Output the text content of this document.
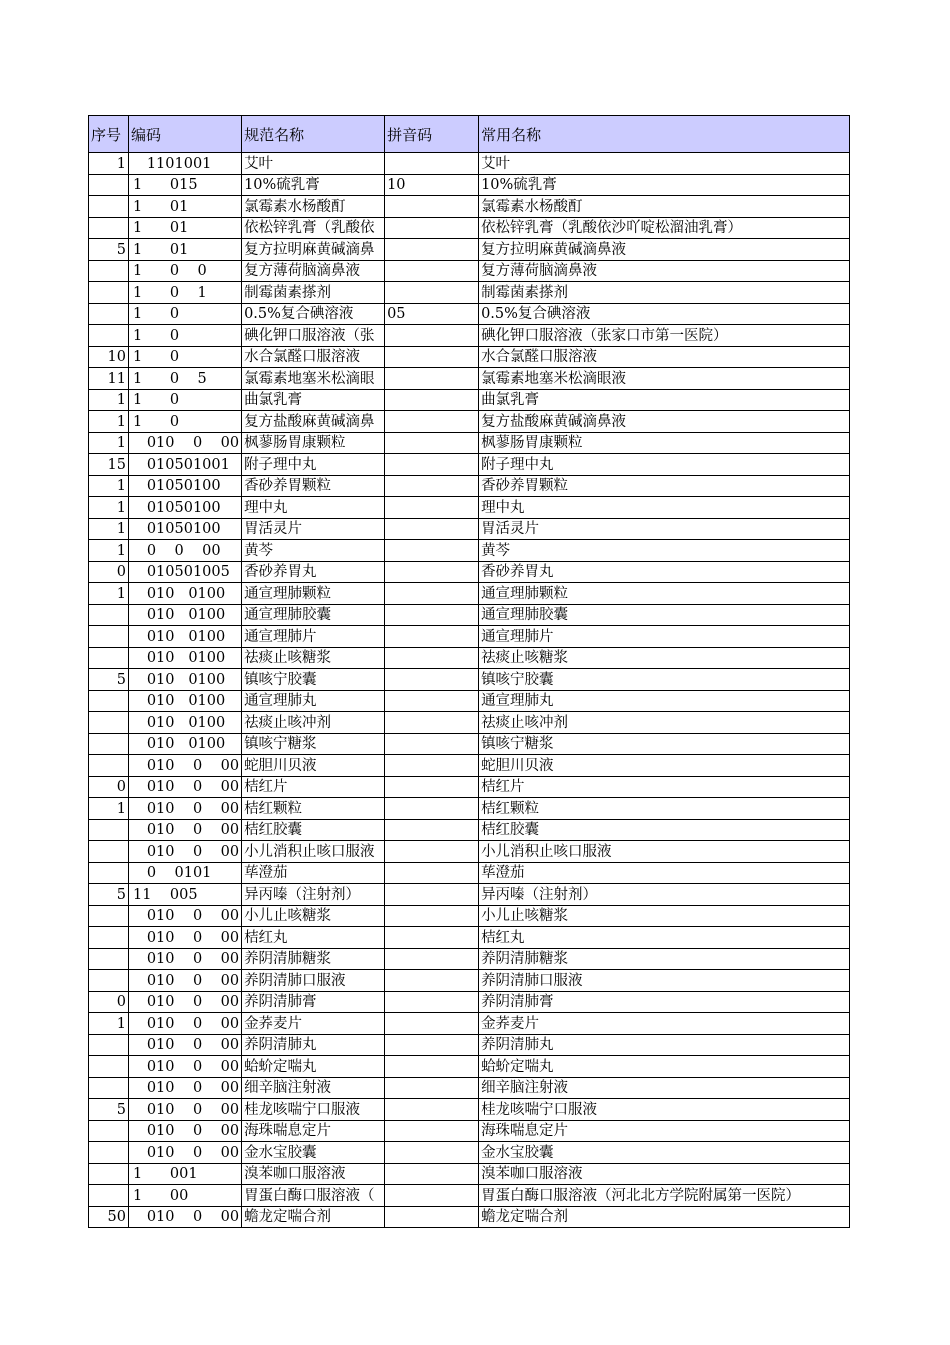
序号	编码	规范名称	拼音码	常用名称
1	1101001	艾叶		艾叶
	1      015	10%硫乳膏	10	10%硫乳膏
	1      01	氯霉素水杨酸酊		氯霉素水杨酸酊
	1      01	依松锌乳膏（乳酸依		依松锌乳膏（乳酸依沙吖啶松溜油乳膏）
5	1      01	复方拉明麻黄碱滴鼻		复方拉明麻黄碱滴鼻液
	1      0    0	复方薄荷脑滴鼻液		复方薄荷脑滴鼻液
	1      0    1	制霉菌素搽剂		制霉菌素搽剂
	1      0	0.5%复合碘溶液	05	0.5%复合碘溶液
	1      0	碘化钾口服溶液（张		碘化钾口服溶液（张家口市第一医院）
10	1      0	水合氯醛口服溶液		水合氯醛口服溶液
11	1      0    5	氯霉素地塞米松滴眼		氯霉素地塞米松滴眼液
1	1      0	曲氯乳膏		曲氯乳膏
1	1      0	复方盐酸麻黄碱滴鼻		复方盐酸麻黄碱滴鼻液
1	010    0    00	枫蓼肠胃康颗粒		枫蓼肠胃康颗粒
15	010501001	附子理中丸		附子理中丸
1	01050100	香砂养胃颗粒		香砂养胃颗粒
1	01050100	理中丸		理中丸
1	01050100	胃活灵片		胃活灵片
1	0    0    00	黄芩		黄芩
0	010501005	香砂养胃丸		香砂养胃丸
1	010   0100	通宣理肺颗粒		通宣理肺颗粒
	010   0100	通宣理肺胶囊		通宣理肺胶囊
	010   0100	通宣理肺片		通宣理肺片
	010   0100	祛痰止咳糖浆		祛痰止咳糖浆
5	010   0100	镇咳宁胶囊		镇咳宁胶囊
	010   0100	通宣理肺丸		通宣理肺丸
	010   0100	祛痰止咳冲剂		祛痰止咳冲剂
	010   0100	镇咳宁糖浆		镇咳宁糖浆
	010    0    00	蛇胆川贝液		蛇胆川贝液
0	010    0    00	桔红片		桔红片
1	010    0    00	桔红颗粒		桔红颗粒
	010    0    00	桔红胶囊		桔红胶囊
	010    0    00	小儿消积止咳口服液		小儿消积止咳口服液
	0    0101	荜澄茄		荜澄茄
5	11    005	异丙嗪（注射剂）		异丙嗪（注射剂）
	010    0    00	小儿止咳糖浆		小儿止咳糖浆
	010    0    00	桔红丸		桔红丸
	010    0    00	养阴清肺糖浆		养阴清肺糖浆
	010    0    00	养阴清肺口服液		养阴清肺口服液
0	010    0    00	养阴清肺膏		养阴清肺膏
1	010    0    00	金荞麦片		金荞麦片
	010    0    00	养阴清肺丸		养阴清肺丸
	010    0    00	蛤蚧定喘丸		蛤蚧定喘丸
	010    0    00	细辛脑注射液		细辛脑注射液
5	010    0    00	桂龙咳喘宁口服液		桂龙咳喘宁口服液
	010    0    00	海珠喘息定片		海珠喘息定片
	010    0    00	金水宝胶囊		金水宝胶囊
	1      001	溴苯咖口服溶液		溴苯咖口服溶液
	1      00	胃蛋白酶口服溶液（		胃蛋白酶口服溶液（河北北方学院附属第一医院）
50	010    0    00	蟾龙定喘合剂		蟾龙定喘合剂
